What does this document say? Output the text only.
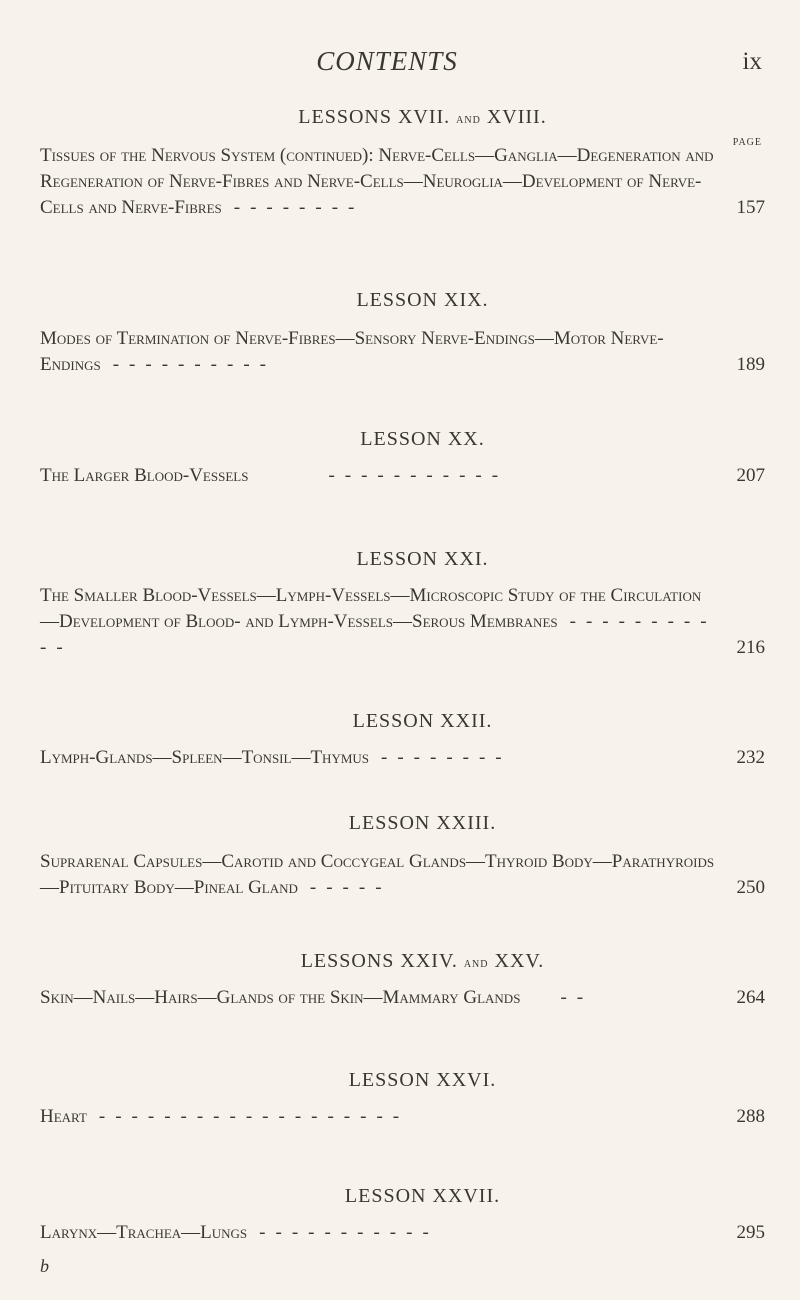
CONTENTS	ix
PAGE
LESSONS XVII. and XVIII.
Tissues of the Nervous System (continued): Nerve-Cells—Ganglia—Degeneration and Regeneration of Nerve-Fibres and Nerve-Cells—Neuroglia—Development of Nerve-Cells and Nerve-Fibres --------	157
LESSON XIX.
Modes of Termination of Nerve-Fibres—Sensory Nerve-Endings—Motor Nerve-Endings ----------	189
LESSON XX.
The Larger Blood-Vessels	-----------	207
LESSON XXI.
The Smaller Blood-Vessels—Lymph-Vessels—Microscopic Study of the Circulation—Development of Blood- and Lymph-Vessels—Serous Membranes -----------	216
LESSON XXII.
Lymph-Glands—Spleen—Tonsil—Thymus --------	232
LESSON XXIII.
Suprarenal Capsules—Carotid and Coccygeal Glands—Thyroid Body—Parathyroids—Pituitary Body—Pineal Gland -----	250
LESSONS XXIV. and XXV.
Skin—Nails—Hairs—Glands of the Skin—Mammary Glands --	264
LESSON XXVI.
Heart -------------------	288
LESSON XXVII.
Larynx—Trachea—Lungs -----------	295
b
